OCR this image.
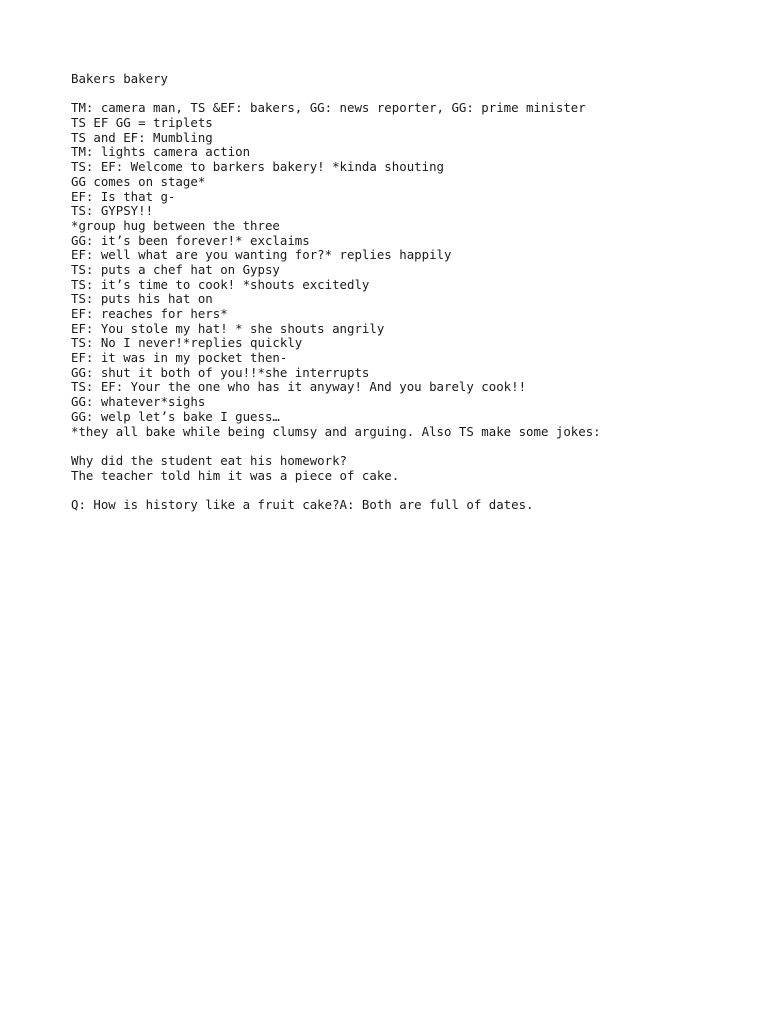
Bakers bakery
TM: camera man, TS &EF: bakers, GG: news reporter, GG: prime minister
TS EF GG = triplets
TS and EF: Mumbling
TM: lights camera action
TS: EF: Welcome to barkers bakery! *kinda shouting
GG comes on stage*
EF: Is that g-
TS: GYPSY!!
*group hug between the three
GG: it’s been forever!* exclaims
EF: well what are you wanting for?* replies happily
TS: puts a chef hat on Gypsy
TS: it’s time to cook! *shouts excitedly
TS: puts his hat on
EF: reaches for hers*
EF: You stole my hat! * she shouts angrily
TS: No I never!*replies quickly
EF: it was in my pocket then-
GG: shut it both of you!!*she interrupts
TS: EF: Your the one who has it anyway! And you barely cook!!
GG: whatever*sighs
GG: welp let’s bake I guess…
*they all bake while being clumsy and arguing. Also TS make some jokes:
Why did the student eat his homework?
The teacher told him it was a piece of cake.
Q: How is history like a fruit cake?A: Both are full of dates.
